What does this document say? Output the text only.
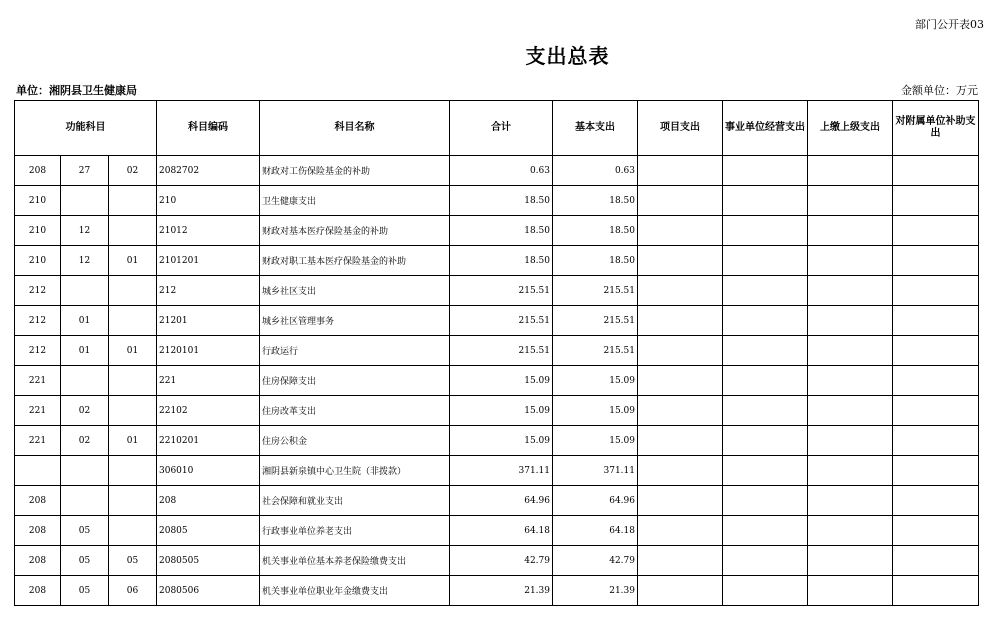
部门公开表03
支出总表
单位：湘阴县卫生健康局	金额单位：万元
功能科目			科目编码	科目名称	合计	基本支出	项目支出	事业单位经营支出	上缴上级支出	对附属单位补助支出
208	27	02	2082702	财政对工伤保险基金的补助	0.63	0.63				
210			210	卫生健康支出	18.50	18.50				
210	12		21012	财政对基本医疗保险基金的补助	18.50	18.50				
210	12	01	2101201	财政对职工基本医疗保险基金的补助	18.50	18.50				
212			212	城乡社区支出	215.51	215.51				
212	01		21201	城乡社区管理事务	215.51	215.51				
212	01	01	2120101	行政运行	215.51	215.51				
221			221	住房保障支出	15.09	15.09				
221	02		22102	住房改革支出	15.09	15.09				
221	02	01	2210201	住房公积金	15.09	15.09				
			306010	湘阴县新泉镇中心卫生院（非拨款）	371.11	371.11				
208			208	社会保障和就业支出	64.96	64.96				
208	05		20805	行政事业单位养老支出	64.18	64.18				
208	05	05	2080505	机关事业单位基本养老保险缴费支出	42.79	42.79				
208	05	06	2080506	机关事业单位职业年金缴费支出	21.39	21.39				
